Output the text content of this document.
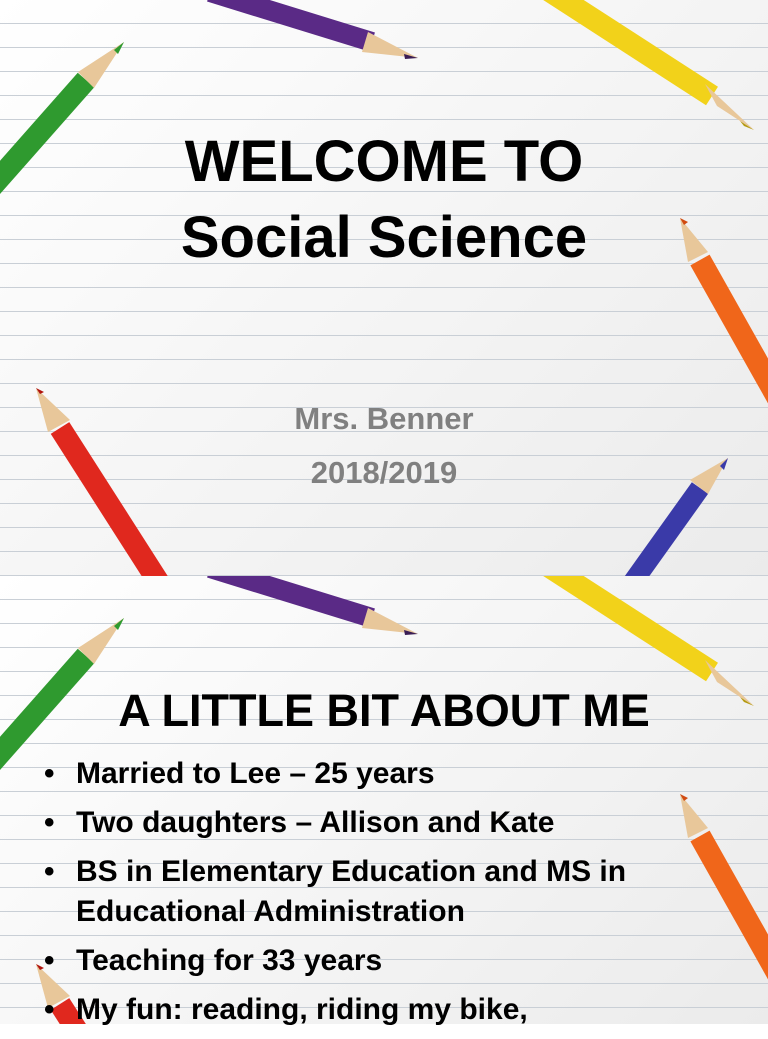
WELCOME TO
Social Science
Mrs. Benner
2018/2019
A LITTLE BIT ABOUT ME
• Married to Lee – 25 years
• Two daughters – Allison and Kate
• BS in Elementary Education and MS in Educational Administration
• Teaching for 33 years
• My fun: reading, riding my bike,
